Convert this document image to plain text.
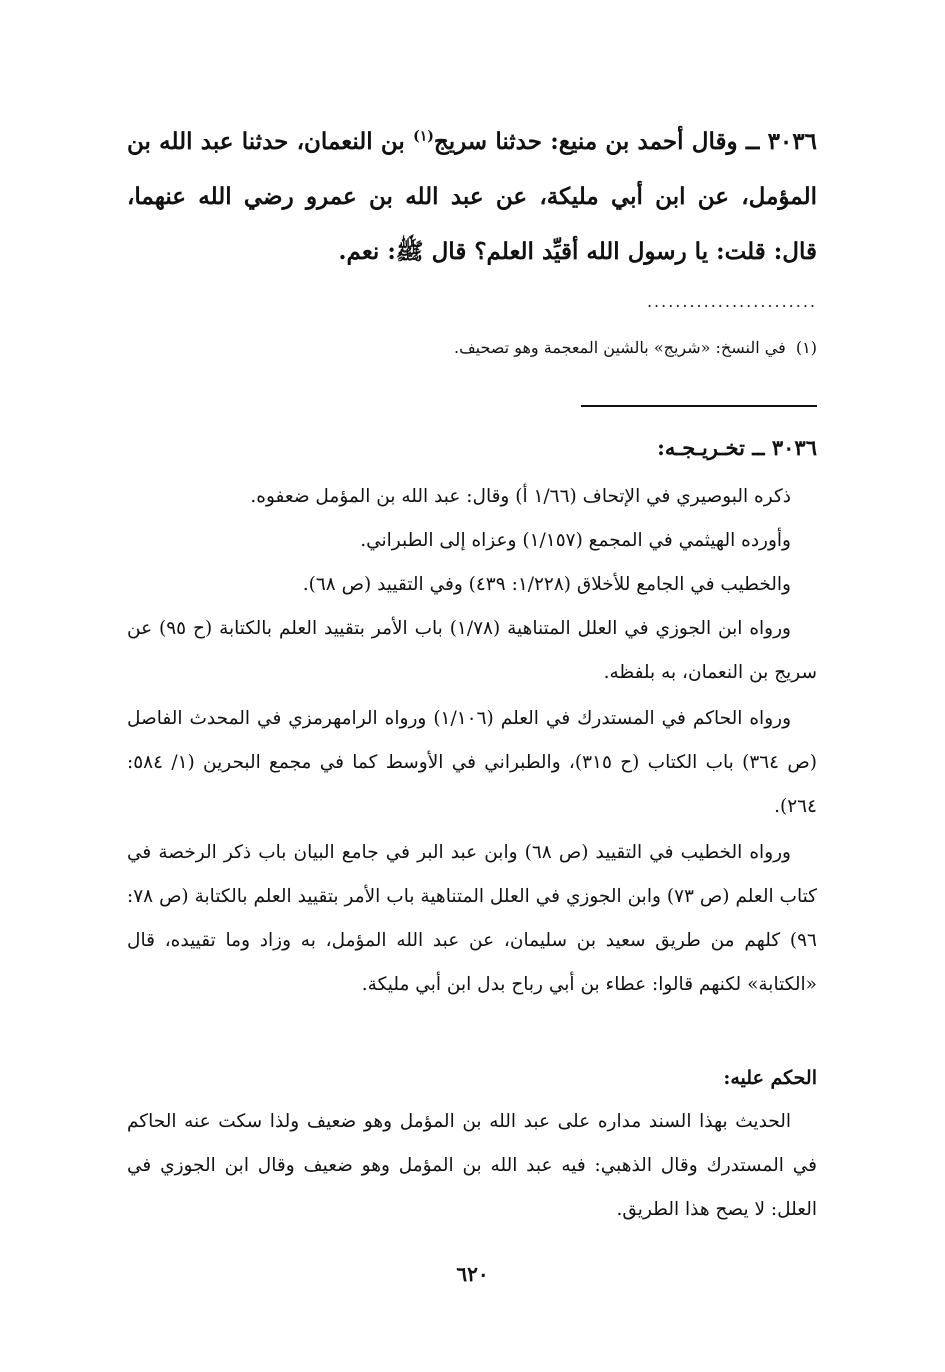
٣٠٣٦ ــ وقال أحمد بن منيع: حدثنا سريج$^{(١)}$ بن النعمان، حدثنا عبد الله بن المؤمل، عن ابن أبي مليكة، عن عبد الله بن عمرو رضي الله عنهما، قال: قلت: يا رسول الله أقيِّد العلم؟ قال ﷺ: نعم.

........................

(١)  في النسخ: «شريج» بالشين المعجمة وهو تصحيف.

٣٠٣٦ ــ تخـريـجـه:

ذكره البوصيري في الإتحاف (١/٦٦ أ) وقال: عبد الله بن المؤمل ضعفوه.

وأورده الهيثمي في المجمع (١/١٥٧) وعزاه إلى الطبراني.

والخطيب في الجامع للأخلاق (١/٢٢٨: ٤٣٩) وفي التقييد (ص ٦٨).

ورواه ابن الجوزي في العلل المتناهية (١/٧٨) باب الأمر بتقييد العلم بالكتابة (ح ٩٥) عن سريج بن النعمان، به بلفظه.

ورواه الحاكم في المستدرك في العلم (١/١٠٦) ورواه الرامهرمزي في المحدث الفاصل (ص ٣٦٤) باب الكتاب (ح ٣١٥)، والطبراني في الأوسط كما في مجمع البحرين (١/ ٥٨٤: ٢٦٤).

ورواه الخطيب في التقييد (ص ٦٨) وابن عبد البر في جامع البيان باب ذكر الرخصة في كتاب العلم (ص ٧٣) وابن الجوزي في العلل المتناهية باب الأمر بتقييد العلم بالكتابة (ص ٧٨: ٩٦) كلهم من طريق سعيد بن سليمان، عن عبد الله المؤمل، به وزاد وما تقييده، قال «الكتابة» لكنهم قالوا: عطاء بن أبي رباح بدل ابن أبي مليكة.

الحكم عليه:

الحديث بهذا السند مداره على عبد الله بن المؤمل وهو ضعيف ولذا سكت عنه الحاكم في المستدرك وقال الذهبي: فيه عبد الله بن المؤمل وهو ضعيف وقال ابن الجوزي في العلل: لا يصح هذا الطريق.

٦٢٠
